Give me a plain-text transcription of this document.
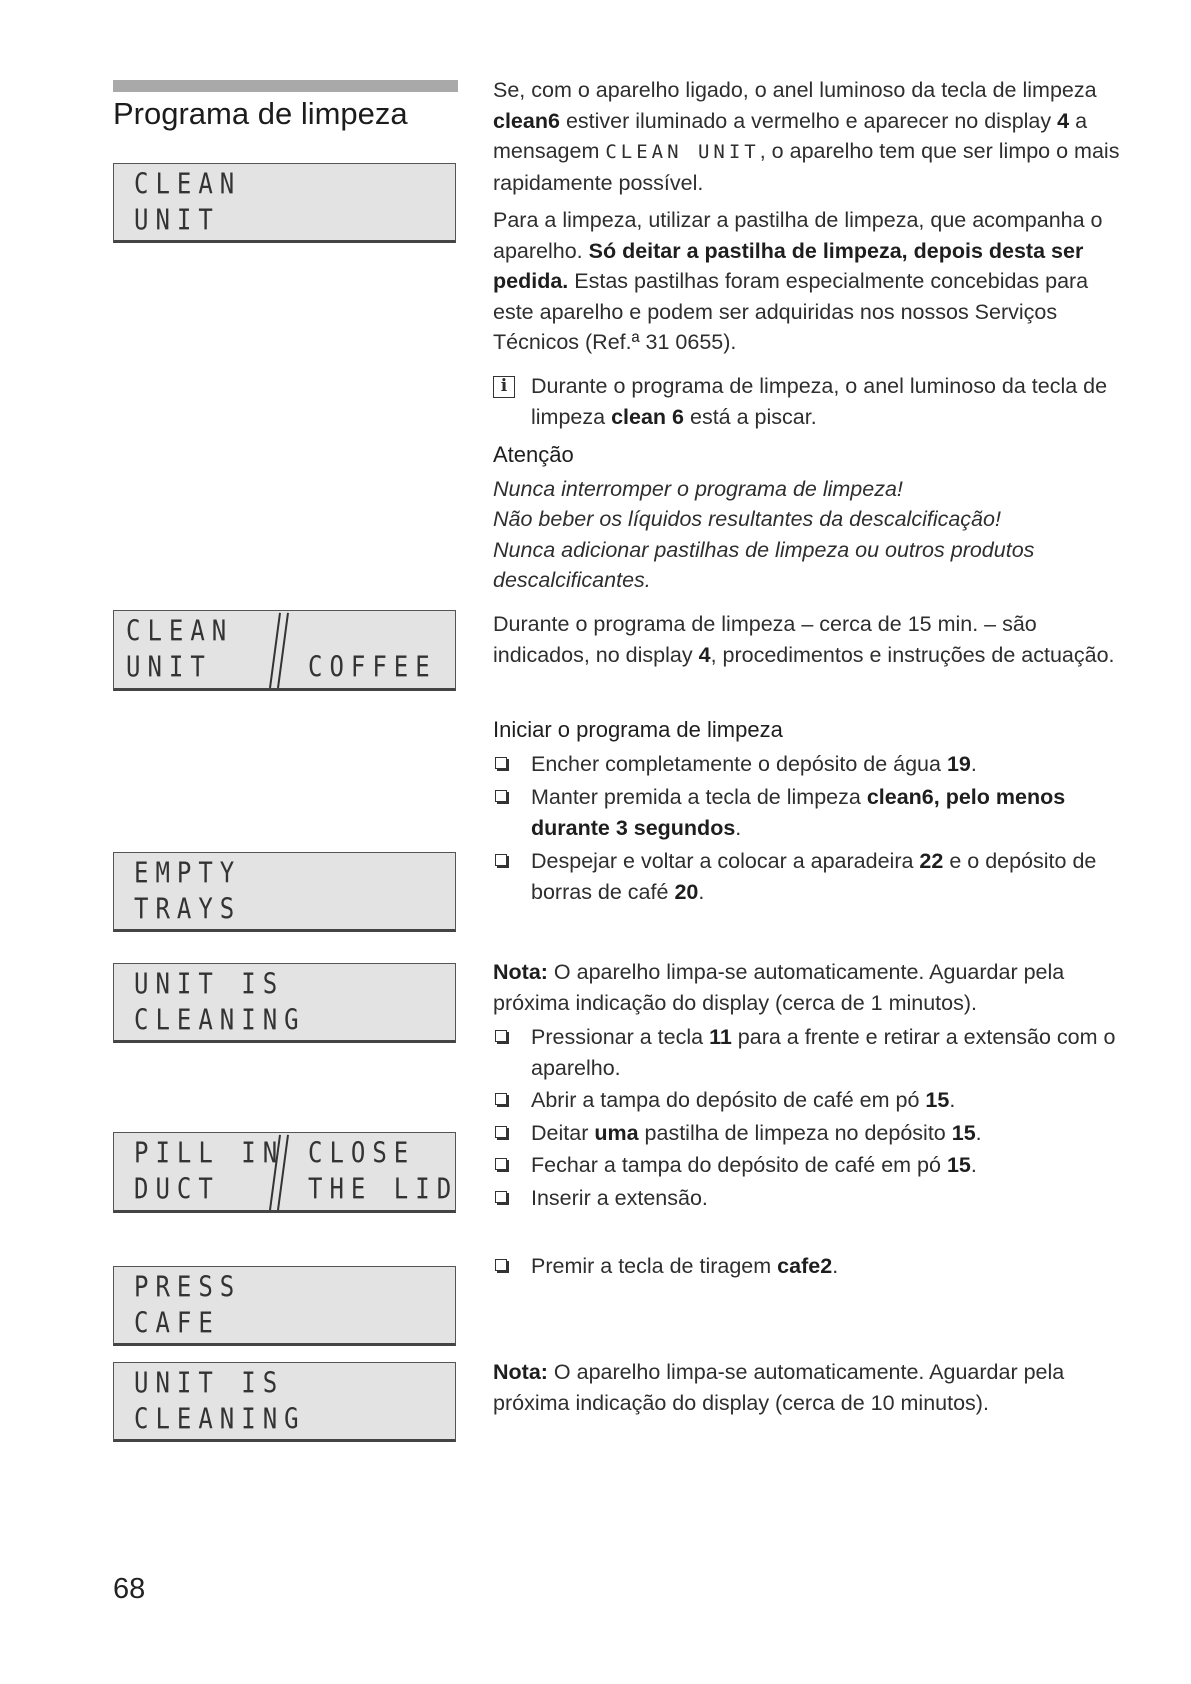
Programa de limpeza
CLEAN
UNIT
CLEAN
UNIT	COFFEE
EMPTY
TRAYS
UNIT IS
CLEANING
PILL IN
DUCT
CLOSE
THE LID
PRESS
CAFE
UNIT IS
CLEANING

Se, com o aparelho ligado, o anel luminoso da tecla de limpeza clean6 estiver iluminado a vermelho e aparecer no display 4 a mensagem CLEAN UNIT, o aparelho tem que ser limpo o mais rapidamente possível.

Para a limpeza, utilizar a pastilha de limpeza, que acompanha o aparelho. Só deitar a pastilha de limpeza, depois desta ser pedida. Estas pastilhas foram especialmente concebidas para este aparelho e podem ser adquiridas nos nossos Serviços Técnicos (Ref.ª 31 0655).

i	Durante o programa de limpeza, o anel luminoso da tecla de limpeza clean 6 está a piscar.
Atenção
Nunca interromper o programa de limpeza!
Não beber os líquidos resultantes da descalcificação!
Nunca adicionar pastilhas de limpeza ou outros produtos descalcificantes.

Durante o programa de limpeza – cerca de 15 min. – são indicados, no display 4, procedimentos e instruções de actuação.

Iniciar o programa de limpeza
Encher completamente o depósito de água 19.
Manter premida a tecla de limpeza clean6, pelo menos durante 3 segundos.
Despejar e voltar a colocar a aparadeira 22 e o depósito de borras de café 20.

Nota: O aparelho limpa-se automaticamente. Aguardar pela próxima indicação do display (cerca de 1 minutos).

Pressionar a tecla 11 para a frente e retirar a extensão com o aparelho.
Abrir a tampa do depósito de café em pó 15.
Deitar uma pastilha de limpeza no depósito 15.
Fechar a tampa do depósito de café em pó 15.
Inserir a extensão.
Premir a tecla de tiragem cafe2.

Nota: O aparelho limpa-se automaticamente. Aguardar pela próxima indicação do display (cerca de 10 minutos).

68
